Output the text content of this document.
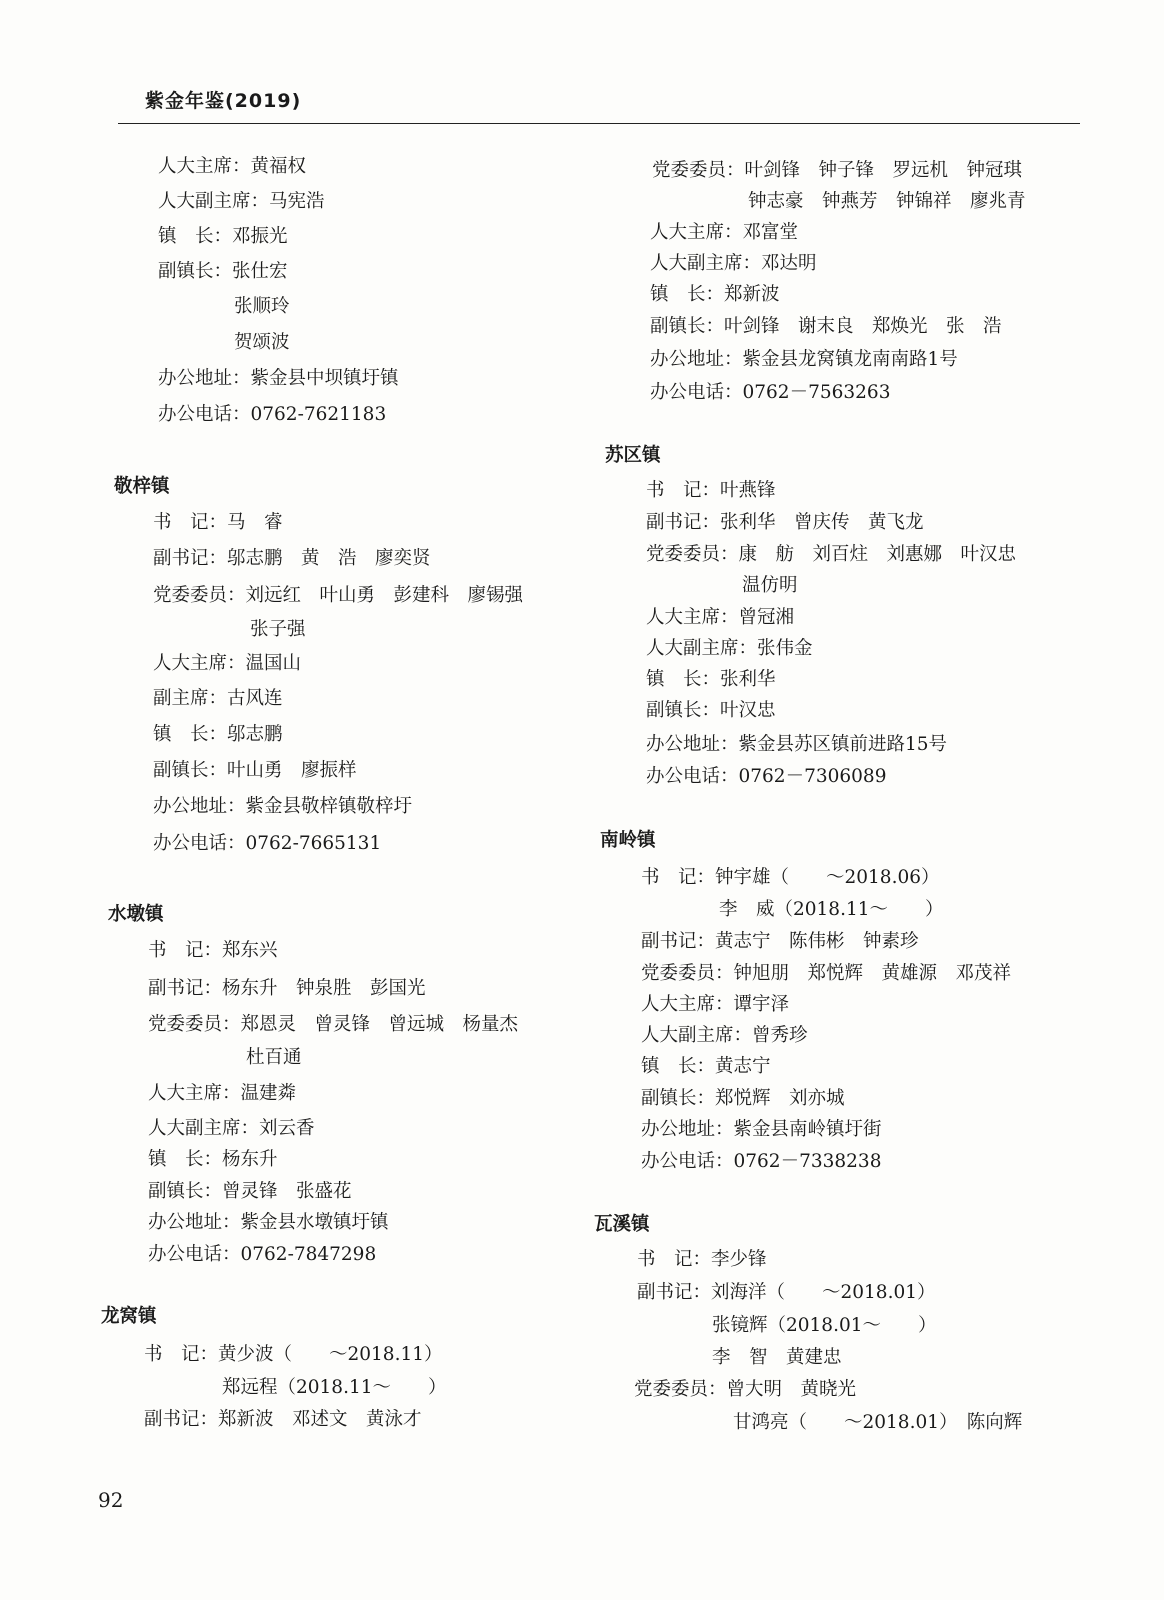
紫金年鉴(2019)
人大主席：黄福权
人大副主席：马宪浩
镇　长：邓振光
副镇长：张仕宏
张顺玲
贺颂波
办公地址：紫金县中坝镇圩镇
办公电话：0762-7621183
敬梓镇
书　记：马　睿
副书记：邬志鹏　黄　浩　廖奕贤
党委委员：刘远红　叶山勇　彭建科　廖锡强
张子强
人大主席：温国山
副主席：古风连
镇　长：邬志鹏
副镇长：叶山勇　廖振样
办公地址：紫金县敬梓镇敬梓圩
办公电话：0762-7665131
水墩镇
书　记：郑东兴
副书记：杨东升　钟泉胜　彭国光
党委委员：郑恩灵　曾灵锋　曾远城　杨量杰
杜百通
人大主席：温建粦
人大副主席：刘云香
镇　长：杨东升
副镇长：曾灵锋　张盛花
办公地址：紫金县水墩镇圩镇
办公电话：0762-7847298
龙窝镇
书　记：黄少波（　　～2018.11）
郑远程（2018.11～　　）
副书记：郑新波　邓述文　黄泳才
党委委员：叶剑锋　钟子锋　罗远机　钟冠琪
钟志豪　钟燕芳　钟锦祥　廖兆青
人大主席：邓富堂
人大副主席：邓达明
镇　长：郑新波
副镇长：叶剑锋　谢末良　郑焕光　张　浩
办公地址：紫金县龙窝镇龙南南路1号
办公电话：0762－7563263
苏区镇
书　记：叶燕锋
副书记：张利华　曾庆传　黄飞龙
党委委员：康　舫　刘百炷　刘惠娜　叶汉忠
温仿明
人大主席：曾冠湘
人大副主席：张伟金
镇　长：张利华
副镇长：叶汉忠
办公地址：紫金县苏区镇前进路15号
办公电话：0762－7306089
南岭镇
书　记：钟宇雄（　　～2018.06）
李　威（2018.11～　　）
副书记：黄志宁　陈伟彬　钟素珍
党委委员：钟旭朋　郑悦辉　黄雄源　邓茂祥
人大主席：谭宇泽
人大副主席：曾秀珍
镇　长：黄志宁
副镇长：郑悦辉　刘亦城
办公地址：紫金县南岭镇圩街
办公电话：0762－7338238
瓦溪镇
书　记：李少锋
副书记：刘海洋（　　～2018.01）
张镜辉（2018.01～　　）
李　智　黄建忠
党委委员：曾大明　黄晓光
甘鸿亮（　　～2018.01）　陈向辉
92
